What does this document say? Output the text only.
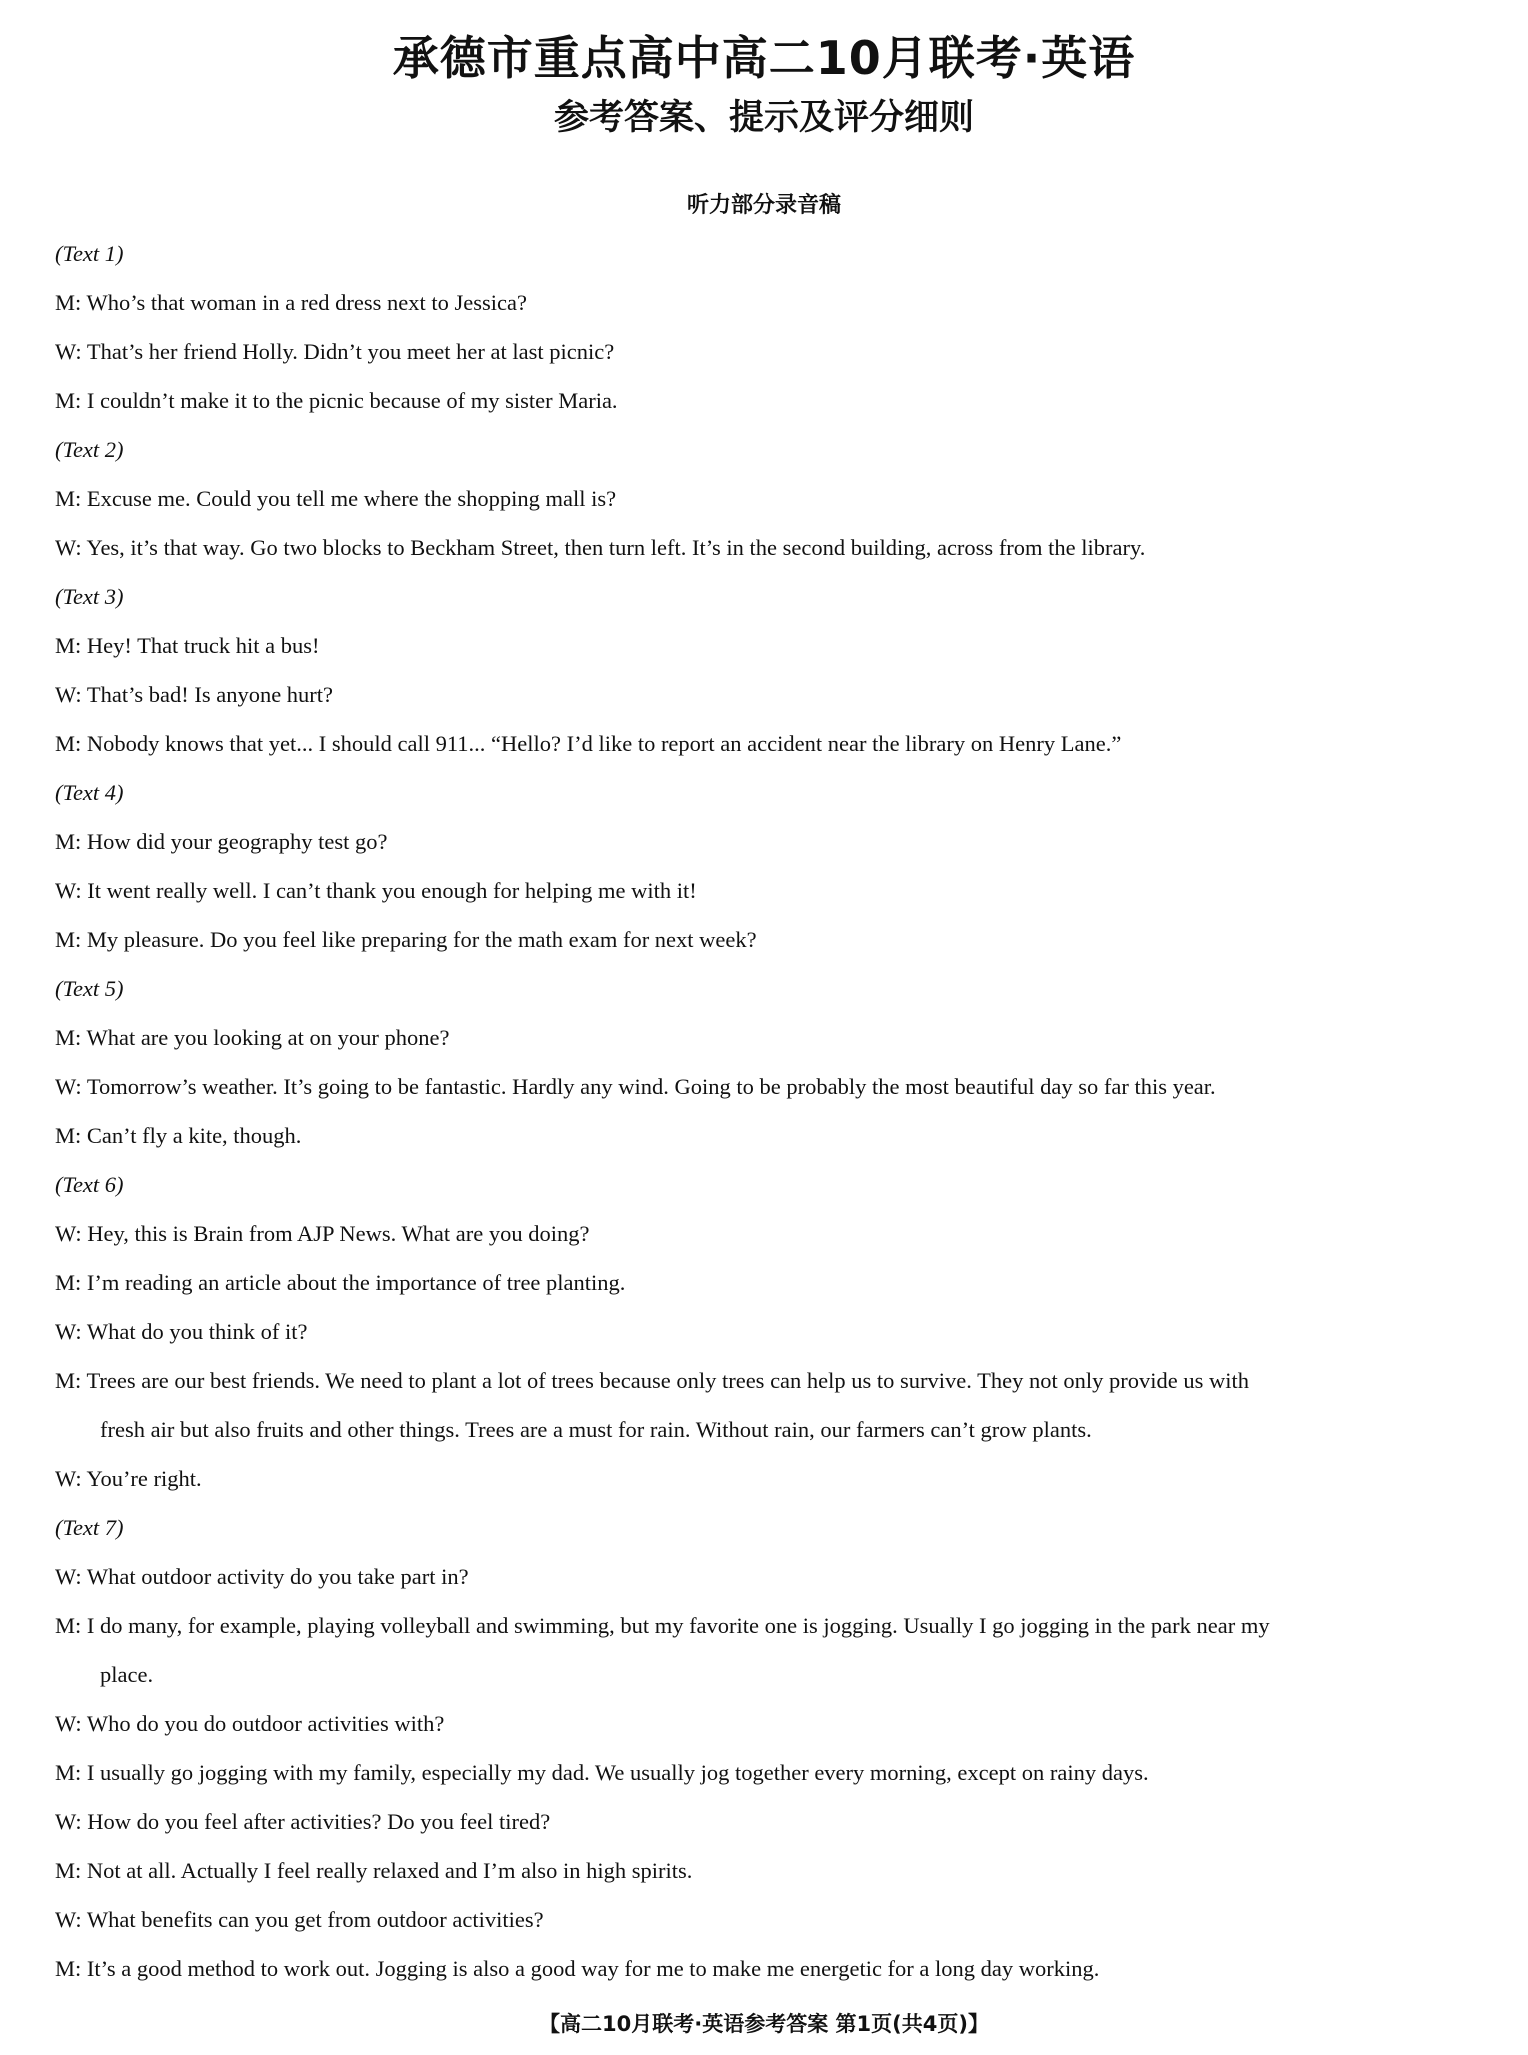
承德市重点高中高二10月联考·英语
参考答案、提示及评分细则
听力部分录音稿
(Text 1)
M: Who’s that woman in a red dress next to Jessica?
W: That’s her friend Holly. Didn’t you meet her at last picnic?
M: I couldn’t make it to the picnic because of my sister Maria.
(Text 2)
M: Excuse me. Could you tell me where the shopping mall is?
W: Yes, it’s that way. Go two blocks to Beckham Street, then turn left. It’s in the second building, across from the library.
(Text 3)
M: Hey! That truck hit a bus!
W: That’s bad! Is anyone hurt?
M: Nobody knows that yet... I should call 911... “Hello? I’d like to report an accident near the library on Henry Lane.”
(Text 4)
M: How did your geography test go?
W: It went really well. I can’t thank you enough for helping me with it!
M: My pleasure. Do you feel like preparing for the math exam for next week?
(Text 5)
M: What are you looking at on your phone?
W: Tomorrow’s weather. It’s going to be fantastic. Hardly any wind. Going to be probably the most beautiful day so far this year.
M: Can’t fly a kite, though.
(Text 6)
W: Hey, this is Brain from AJP News. What are you doing?
M: I’m reading an article about the importance of tree planting.
W: What do you think of it?
M: Trees are our best friends. We need to plant a lot of trees because only trees can help us to survive. They not only provide us with
fresh air but also fruits and other things. Trees are a must for rain. Without rain, our farmers can’t grow plants.
W: You’re right.
(Text 7)
W: What outdoor activity do you take part in?
M: I do many, for example, playing volleyball and swimming, but my favorite one is jogging. Usually I go jogging in the park near my
place.
W: Who do you do outdoor activities with?
M: I usually go jogging with my family, especially my dad. We usually jog together every morning, except on rainy days.
W: How do you feel after activities? Do you feel tired?
M: Not at all. Actually I feel really relaxed and I’m also in high spirits.
W: What benefits can you get from outdoor activities?
M: It’s a good method to work out. Jogging is also a good way for me to make me energetic for a long day working.
【高二10月联考·英语参考答案 第1页(共4页)】
